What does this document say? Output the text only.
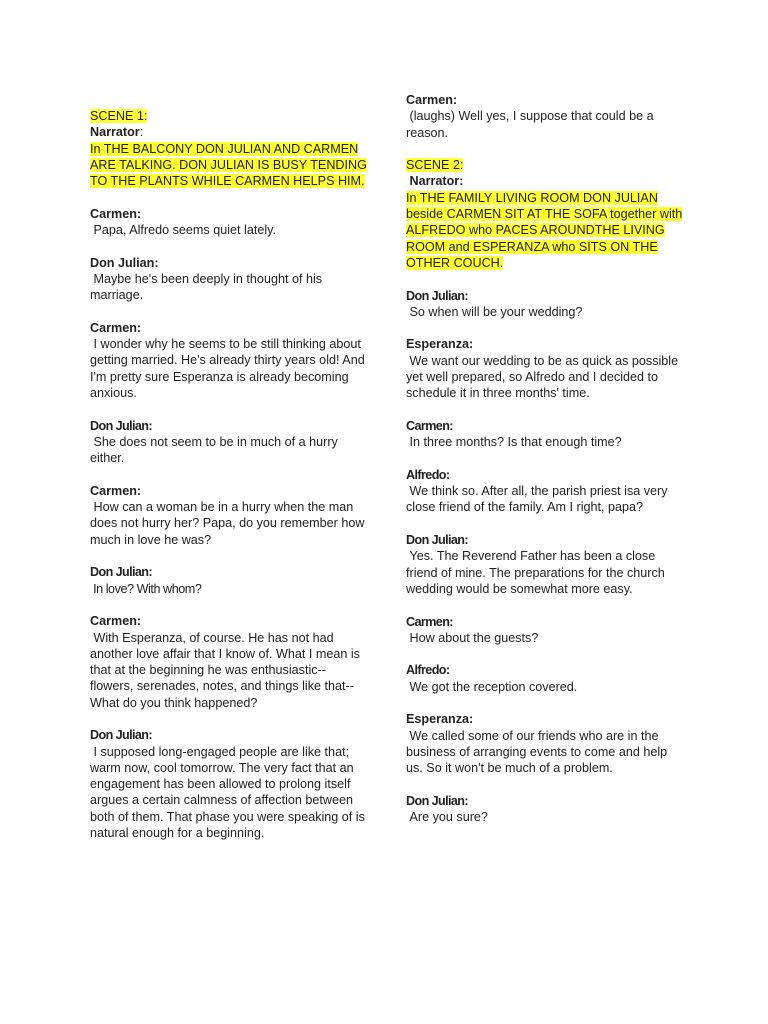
SCENE 1:
Narrator:
In THE BALCONY DON JULIAN AND CARMEN ARE TALKING. DON JULIAN IS BUSY TENDING TO THE PLANTS WHILE CARMEN HELPS HIM.
Carmen:
Papa, Alfredo seems quiet lately.
Don Julian:
Maybe he's been deeply in thought of his marriage.
Carmen:
I wonder why he seems to be still thinking about getting married. He's already thirty years old! And I'm pretty sure Esperanza is already becoming anxious.
Don Julian:
She does not seem to be in much of a hurry either.
Carmen:
How can a woman be in a hurry when the man does not hurry her? Papa, do you remember how much in love he was?
Don Julian:
In love? With whom?
Carmen:
With Esperanza, of course. He has not had another love affair that I know of. What I mean is that at the beginning he was enthusiastic--flowers, serenades, notes, and things like that--What do you think happened?
Don Julian:
I supposed long-engaged people are like that; warm now, cool tomorrow. The very fact that an engagement has been allowed to prolong itself argues a certain calmness of affection between both of them. That phase you were speaking of is natural enough for a beginning.
Carmen:
(laughs) Well yes, I suppose that could be a reason.
SCENE 2:
Narrator:
In THE FAMILY LIVING ROOM DON JULIAN beside CARMEN SIT AT THE SOFA together with ALFREDO who PACES AROUNDTHE LIVING ROOM and ESPERANZA who SITS ON THE OTHER COUCH.
Don Julian:
So when will be your wedding?
Esperanza:
We want our wedding to be as quick as possible yet well prepared, so Alfredo and I decided to schedule it in three months' time.
Carmen:
In three months? Is that enough time?
Alfredo:
We think so. After all, the parish priest isa very close friend of the family. Am I right, papa?
Don Julian:
Yes. The Reverend Father has been a close friend of mine. The preparations for the church wedding would be somewhat more easy.
Carmen:
How about the guests?
Alfredo:
We got the reception covered.
Esperanza:
We called some of our friends who are in the business of arranging events to come and help us. So it won't be much of a problem.
Don Julian:
Are you sure?
